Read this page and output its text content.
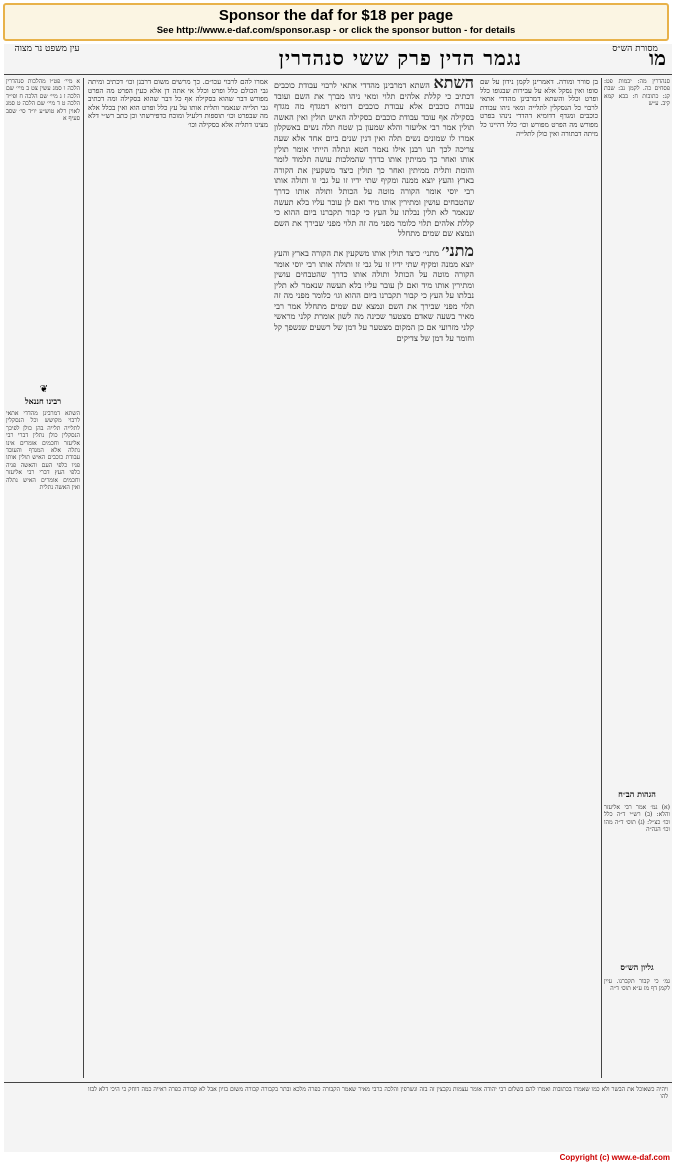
Sponsor the daf for $18 per page
See http://www.e-daf.com/sponsor.asp - or click the sponsor button - for details
מו
נגמר הדין פרק ששי סנהדרין
עין משפט נר מצוה	מסורת הש״ס

א מיי׳ פט״ו מהלכות סנהדרין הלכה ו סמג עשין צט ב מיי׳ שם הלכה ז ג מיי׳ שם הלכה ח ופי״ד הלכה ט ד מיי׳ שם הלכה ט סמג לאוין רלא טוש״ע יו״ד סי׳ שסב סעיף א

❦
רבינו חננאל

השתא דמרבינן מהדדי אתאי לרבוי מקושש וכל הנסקלין לתלייה תלייה בהן כולן לפיכך הנסקלין כולן נתלין דברי רבי אליעזר וחכמים אומרים אינו נתלה אלא המגדף והעובד עבודת כוכבים האיש תולין אותו פניו כלפי העם והאשה פניה כלפי העץ דברי רבי אליעזר וחכמים אומרים האיש נתלה ואין האשה נתלית

אמרו להם לרבוי עכו״ם. כך מרשים משום דרבנן וכו׳ דכתיב ומיתה גבי הכולם כלל ופרט וכלל אי אתה דן אלא כעין הפרט מה הפרט מפורש דבר שהוא בסקילה אף כל דבר שהוא בסקילה ומה דכתיב גבי תלייה שנאמר ותלית אותו על עץ כלל ופרט הוא ואין בכלל אלא מה שבפרט וכו׳ תוספות דלעיל ומוכח כדפירשתי וכן כתב רש״י דלא מצינו דתליה אלא בסקילה וכו׳

השתא השתא דמרבינן מהדדי אתאי לרבוי עבודת כוכבים דכתיב כי קללת אלהים תלוי ומאי ניהו מברך את השם ועובד עבודת כוכבים אלא עבודת כוכבים דומיא דמגדף מה מגדף בסקילה אף עובד עבודת כוכבים בסקילה האיש תולין ואין האשה תולין אמר רבי אליעזר והלא שמעון בן שטח תלה נשים באשקלון אמרו לו שמונים נשים תלה ואין דנין שנים ביום אחד אלא שעה צריכה לכך תנו רבנן אילו נאמר חטא ונתלה הייתי אומר תולין אותו ואחר כך ממיתין אותו כדרך שהמלכות עושה תלמוד לומר והומת ותלית ממיתין ואחר כך תולין כיצד משקעין את הקורה בארץ והעץ יוצא ממנה ומקיף שתי ידיו זו על גבי זו ותולה אותו רבי יוסי אומר הקורה מוטה על הכותל ותולה אותו כדרך שהטבחים עושין ומתירין אותו מיד ואם לן עובר עליו בלא תעשה שנאמר לא תלין נבלתו על העץ כי קבור תקברנו ביום ההוא כי קללת אלהים תלוי כלומר מפני מה זה תלוי מפני שבירך את השם ונמצא שם שמים מתחלל

מתני׳ מתני׳ כיצד תולין אותו משקעין את הקורה בארץ והעץ יוצא ממנה ומקיף שתי ידיו זו על גבי זו ותולה אותו רבי יוסי אומר הקורה מוטה על הכותל ותולה אותו כדרך שהטבחים עושין ומתירין אותו מיד ואם לן עובר עליו בלא תעשה שנאמר לא תלין נבלתו על העץ כי קבור תקברנו ביום ההוא וגו׳ כלומר מפני מה זה תלוי מפני שבירך את השם ונמצא שם שמים מתחלל אמר רבי מאיר בשעה שאדם מצטער שכינה מה לשון אומרת קלני מראשי קלני מזרועי אם כן המקום מצטער על דמן של רשעים שנשפך קל וחומר על דמן של צדיקים

בן סורר ומורה. דאמרינן לקמן נידון על שם סופו ואין נסקל אלא על עבירות שבגופו כלל ופרט וכלל והשתא דמרבינן מהדדי אתאי לרבוי כל הנסקלין לתלייה ומאי ניהו עבודת כוכבים ומגדף דדומיא דהדדי נינהו בפרט מפורש מה הפרט מפורש וכו׳ כלל דהיינו כל מיתה דבתורה ואין כולן לתלייה

סנהדרין מה: יבמות פט: פסחים כה. לקמן נב: שבת קג: כתובות ח: בבא קמא קיב. ע״ש

הגהות הב״ח

(א) גמ׳ אמר רבי אליעזר והלא: (ב) רש״י ד״ה כלל וכו׳ כצ״ל: (ג) תוס׳ ד״ה מהו וכו׳ הגה״ה

גליון הש״ס

גמ׳ כי קבור תקברנו. עיין לקמן דף מז ע״א תוס׳ ד״ה

ויהיה כשאוכל את הבשר ולא כמו שאמרו בכתובות ואמרו להם בשלום רבי יהודה אומר עצמות נקבצין זה בזה ונשרפין והלכה כרבי מאיר שאמר הקבורה כפרה מלכא ובתר בקבורה קבורה משום בזיון אבל לא קבורה כפרה ראייה כמה דוחק כי היכי דלא לבזו להו

Copyright (c) www.e-daf.com
